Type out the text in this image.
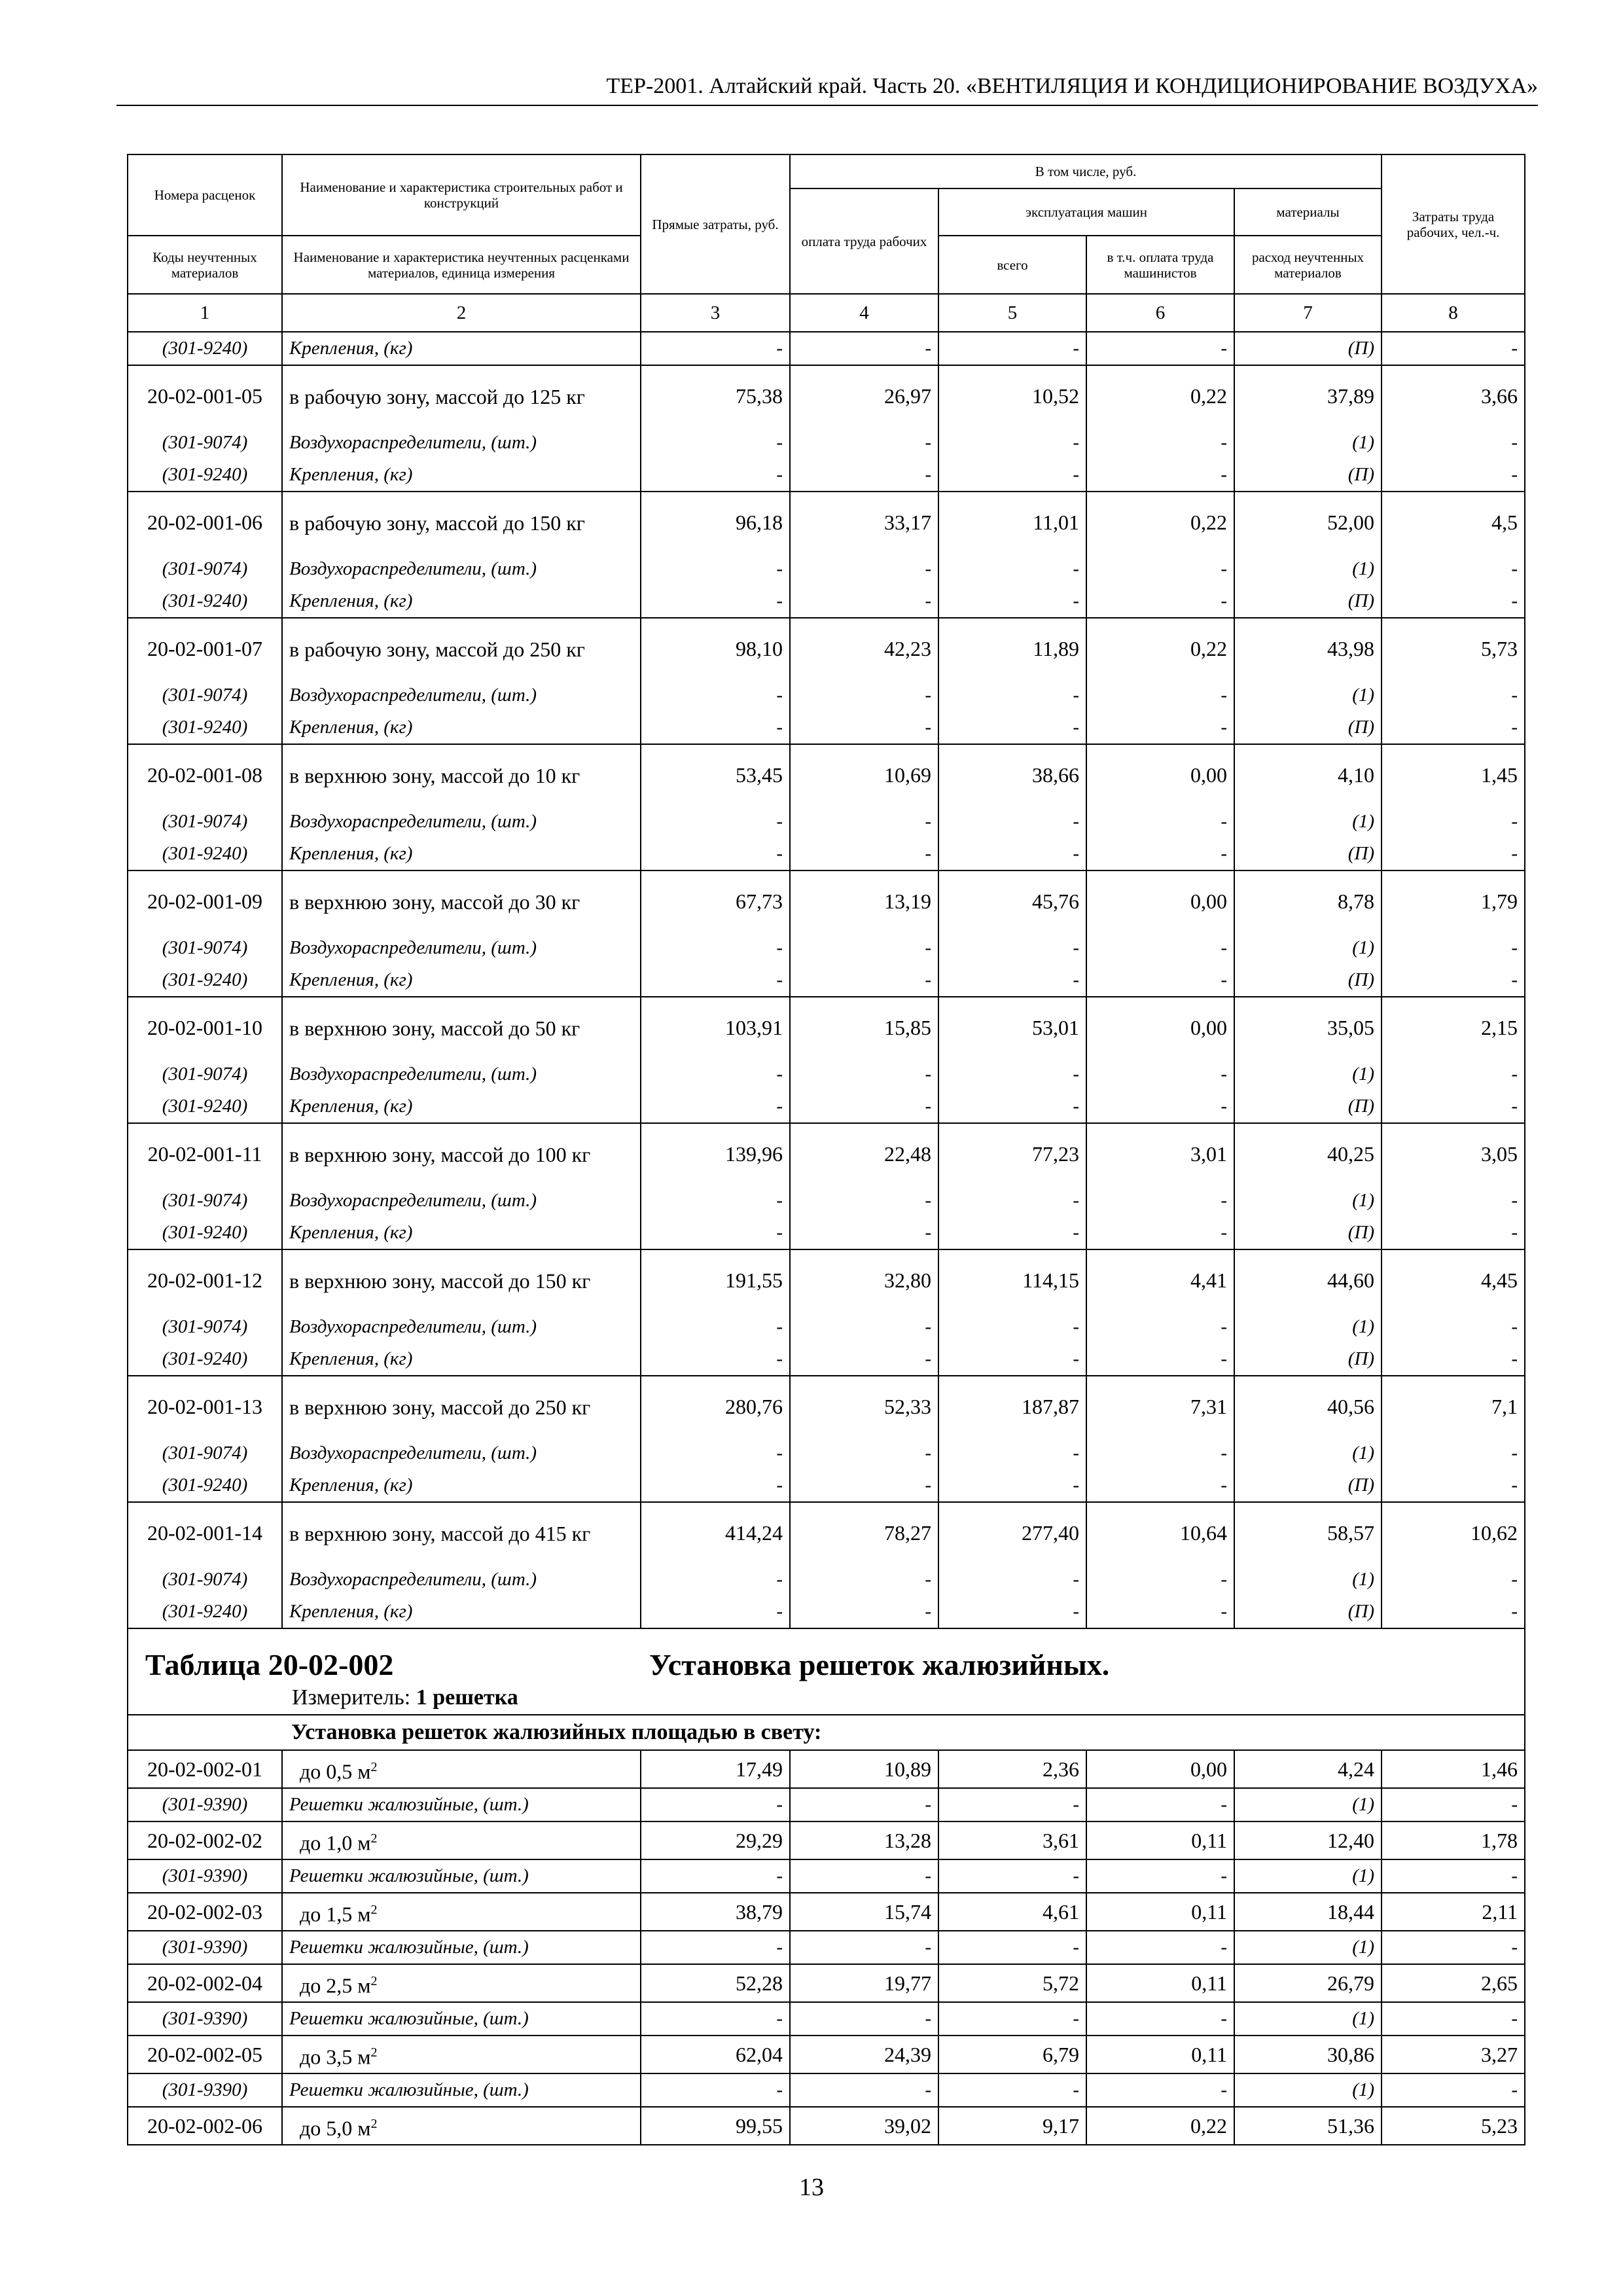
ТЕР-2001. Алтайский край. Часть 20. «ВЕНТИЛЯЦИЯ И КОНДИЦИОНИРОВАНИЕ ВОЗДУХА»
Номера расценок	Наименование и характеристика строительных работ и конструкций	Прямые затраты, руб.	В том числе, руб.				Затраты труда рабочих, чел.-ч.
			оплата труда рабочих	эксплуатация машин		материалы	
Коды неучтенных материалов	Наименование и характеристика неучтенных расценками материалов, единица измерения			всего	в т.ч. оплата труда машинистов	расход неучтенных материалов	

1	2	3	4	5	6	7	8
(301-9240)	Крепления, (кг)	-	-	-	-	(П)	-
20-02-001-05	в рабочую зону, массой до 125 кг	75,38	26,97	10,52	0,22	37,89	3,66
(301-9074)	Воздухораспределители, (шт.)	-	-	-	-	(1)	-
(301-9240)	Крепления, (кг)	-	-	-	-	(П)	-
20-02-001-06	в рабочую зону, массой до 150 кг	96,18	33,17	11,01	0,22	52,00	4,5
(301-9074)	Воздухораспределители, (шт.)	-	-	-	-	(1)	-
(301-9240)	Крепления, (кг)	-	-	-	-	(П)	-
20-02-001-07	в рабочую зону, массой до 250 кг	98,10	42,23	11,89	0,22	43,98	5,73
(301-9074)	Воздухораспределители, (шт.)	-	-	-	-	(1)	-
(301-9240)	Крепления, (кг)	-	-	-	-	(П)	-
20-02-001-08	в верхнюю зону, массой до 10 кг	53,45	10,69	38,66	0,00	4,10	1,45
(301-9074)	Воздухораспределители, (шт.)	-	-	-	-	(1)	-
(301-9240)	Крепления, (кг)	-	-	-	-	(П)	-
20-02-001-09	в верхнюю зону, массой до 30 кг	67,73	13,19	45,76	0,00	8,78	1,79
(301-9074)	Воздухораспределители, (шт.)	-	-	-	-	(1)	-
(301-9240)	Крепления, (кг)	-	-	-	-	(П)	-
20-02-001-10	в верхнюю зону, массой до 50 кг	103,91	15,85	53,01	0,00	35,05	2,15
(301-9074)	Воздухораспределители, (шт.)	-	-	-	-	(1)	-
(301-9240)	Крепления, (кг)	-	-	-	-	(П)	-
20-02-001-11	в верхнюю зону, массой до 100 кг	139,96	22,48	77,23	3,01	40,25	3,05
(301-9074)	Воздухораспределители, (шт.)	-	-	-	-	(1)	-
(301-9240)	Крепления, (кг)	-	-	-	-	(П)	-
20-02-001-12	в верхнюю зону, массой до 150 кг	191,55	32,80	114,15	4,41	44,60	4,45
(301-9074)	Воздухораспределители, (шт.)	-	-	-	-	(1)	-
(301-9240)	Крепления, (кг)	-	-	-	-	(П)	-
20-02-001-13	в верхнюю зону, массой до 250 кг	280,76	52,33	187,87	7,31	40,56	7,1
(301-9074)	Воздухораспределители, (шт.)	-	-	-	-	(1)	-
(301-9240)	Крепления, (кг)	-	-	-	-	(П)	-
20-02-001-14	в верхнюю зону, массой до 415 кг	414,24	78,27	277,40	10,64	58,57	10,62
(301-9074)	Воздухораспределители, (шт.)	-	-	-	-	(1)	-
(301-9240)	Крепления, (кг)	-	-	-	-	(П)	-

Таблица 20-02-002 Установка решеток жалюзийных.
Измеритель: 1 решетка							

	Установка решеток жалюзийных площадью в свету:						
20-02-002-01	до 0,5 $м^2$	17,49	10,89	2,36	0,00	4,24	1,46
(301-9390)	Решетки жалюзийные, (шт.)	-	-	-	-	(1)	-
20-02-002-02	до 1,0 $м^2$	29,29	13,28	3,61	0,11	12,40	1,78
(301-9390)	Решетки жалюзийные, (шт.)	-	-	-	-	(1)	-
20-02-002-03	до 1,5 $м^2$	38,79	15,74	4,61	0,11	18,44	2,11
(301-9390)	Решетки жалюзийные, (шт.)	-	-	-	-	(1)	-
20-02-002-04	до 2,5 $м^2$	52,28	19,77	5,72	0,11	26,79	2,65
(301-9390)	Решетки жалюзийные, (шт.)	-	-	-	-	(1)	-
20-02-002-05	до 3,5 $м^2$	62,04	24,39	6,79	0,11	30,86	3,27
(301-9390)	Решетки жалюзийные, (шт.)	-	-	-	-	(1)	-
20-02-002-06	до 5,0 $м^2$	99,55	39,02	9,17	0,22	51,36	5,23
13
